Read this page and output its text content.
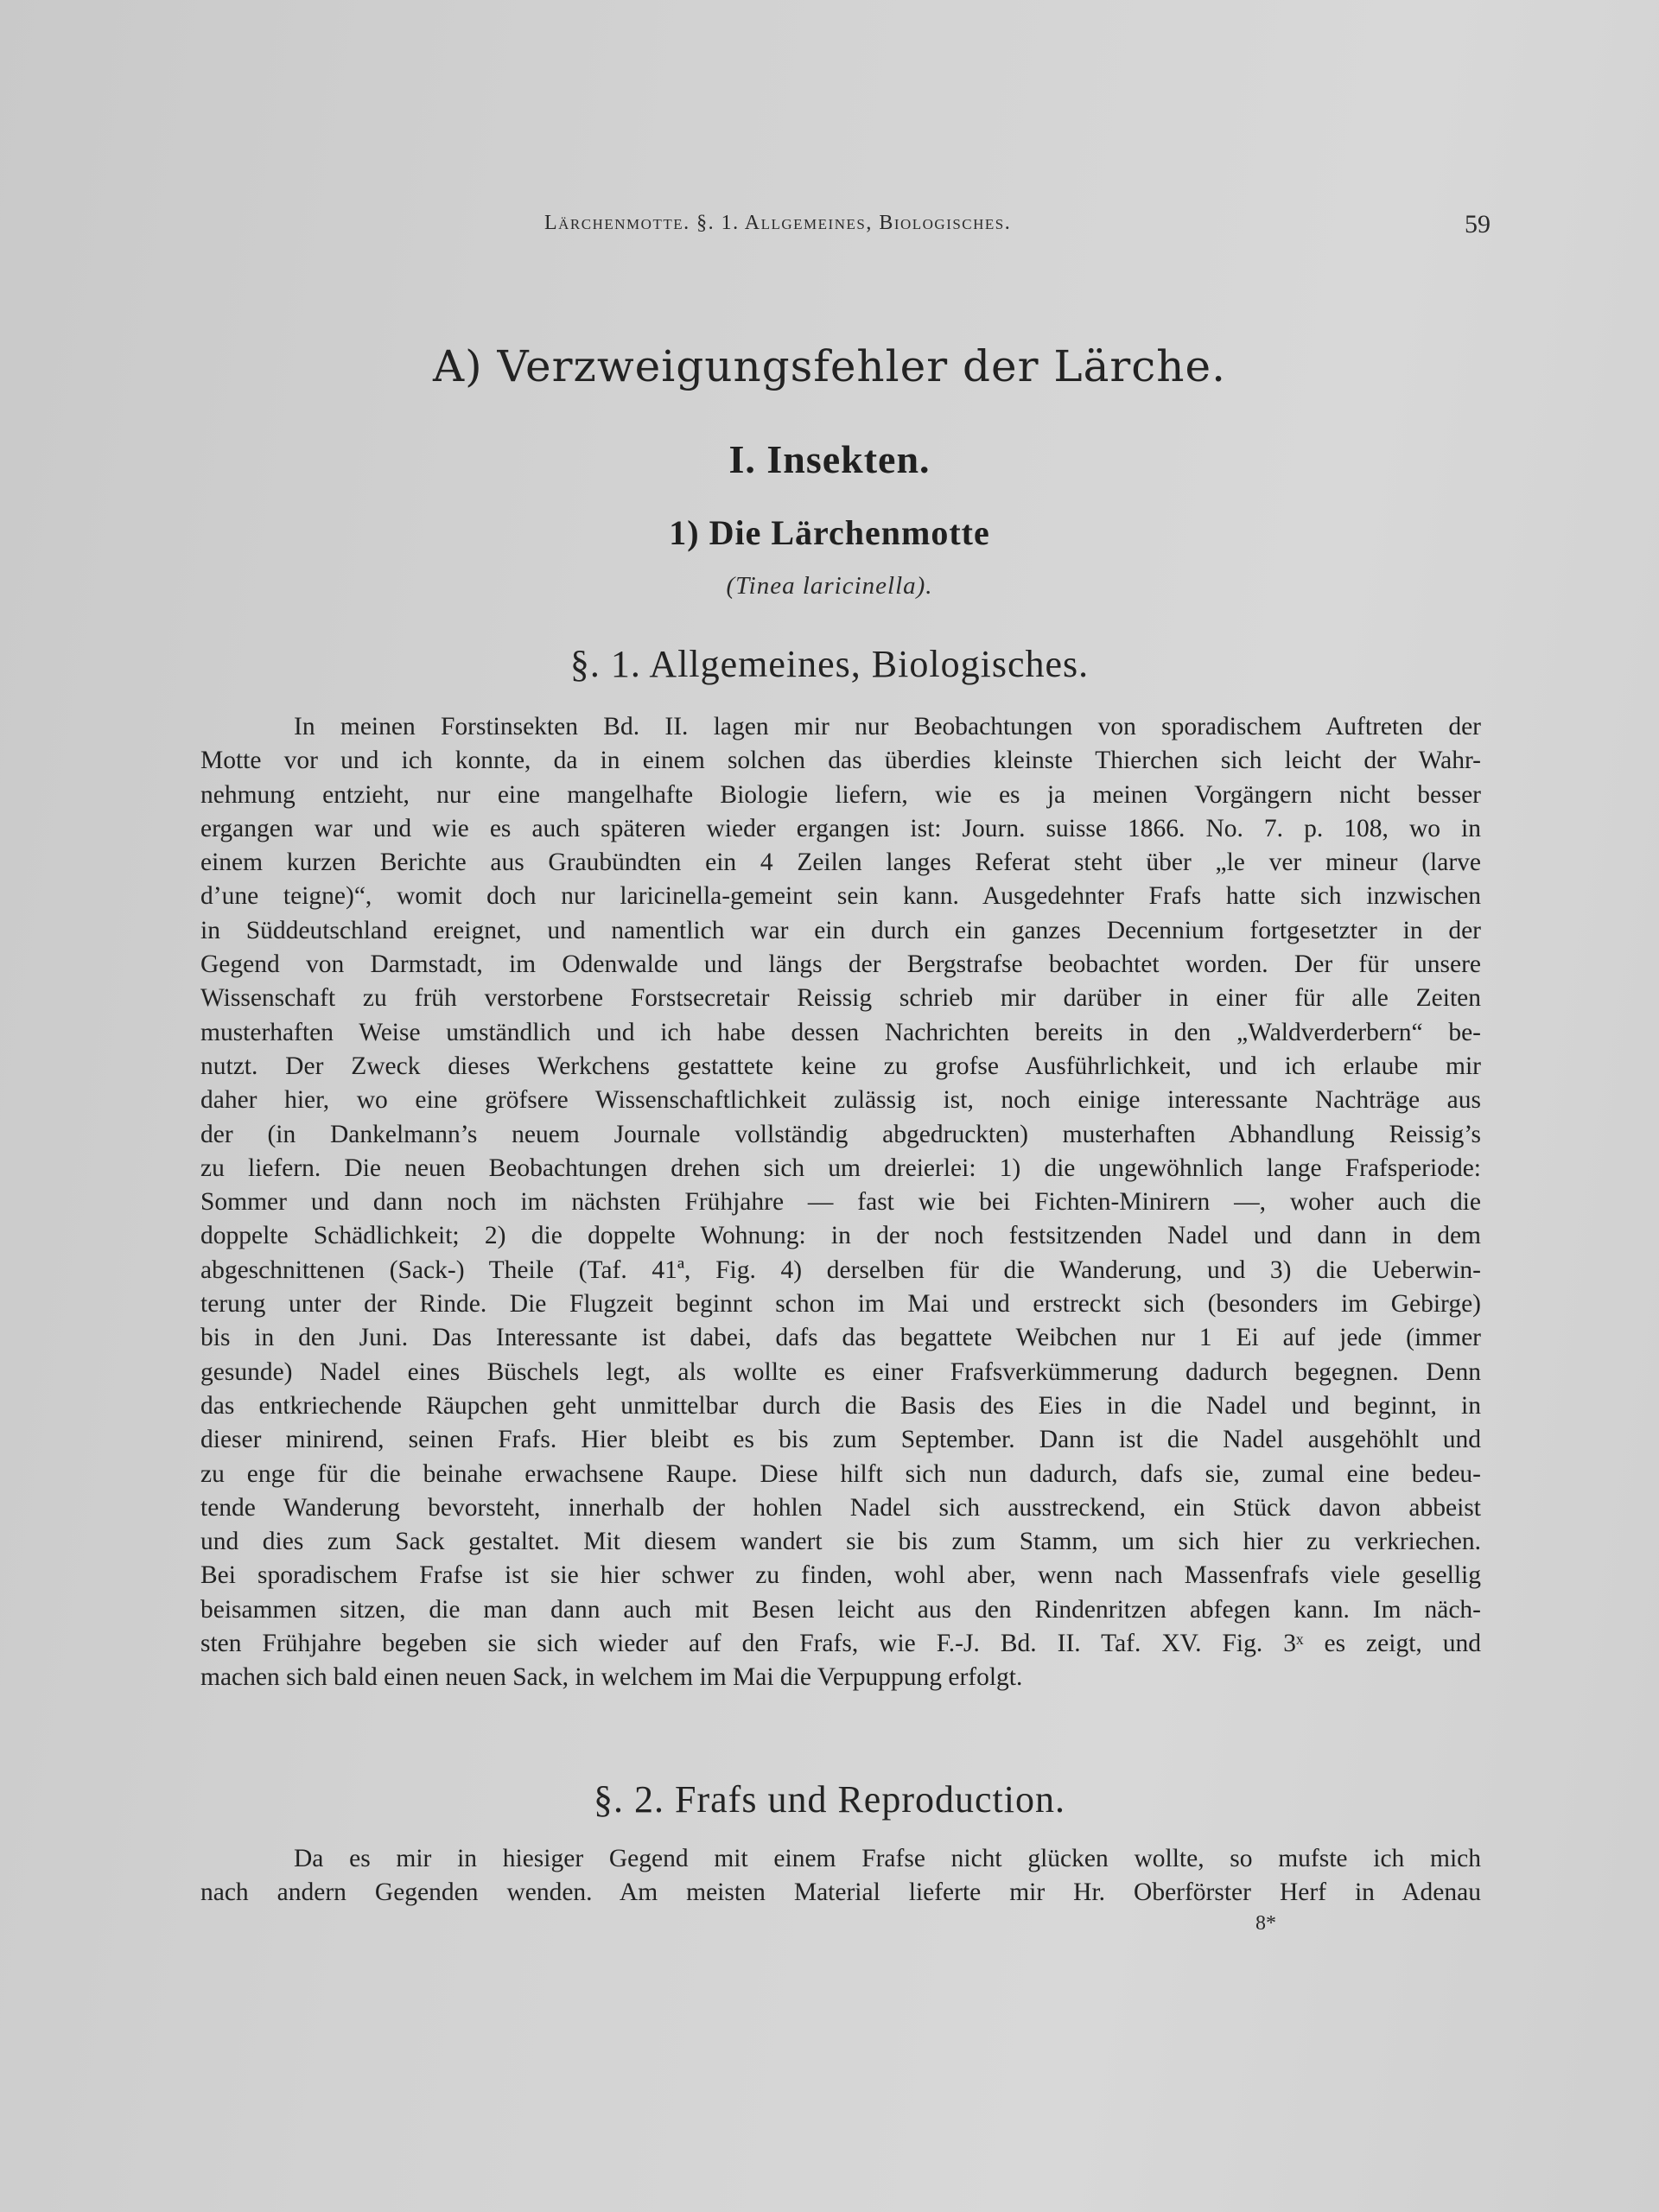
Lärchenmotte. §. 1. Allgemeines, Biologisches.	59
A) Verzweigungsfehler der Lärche.
I. Insekten.
1) Die Lärchenmotte
(Tinea laricinella).
§. 1. Allgemeines, Biologisches.
In meinen Forstinsekten Bd. II. lagen mir nur Beobachtungen von sporadischem Auftreten der
Motte vor und ich konnte, da in einem solchen das überdies kleinste Thierchen sich leicht der Wahr-
nehmung entzieht, nur eine mangelhafte Biologie liefern, wie es ja meinen Vorgängern nicht besser
ergangen war und wie es auch späteren wieder ergangen ist: Journ. suisse 1866. No. 7. p. 108, wo in
einem kurzen Berichte aus Graubündten ein 4 Zeilen langes Referat steht über „le ver mineur (larve
d’une teigne)“, womit doch nur laricinella-gemeint sein kann. Ausgedehnter Frafs hatte sich inzwischen
in Süddeutschland ereignet, und namentlich war ein durch ein ganzes Decennium fortgesetzter in der
Gegend von Darmstadt, im Odenwalde und längs der Bergstrafse beobachtet worden. Der für unsere
Wissenschaft zu früh verstorbene Forstsecretair Reissig schrieb mir darüber in einer für alle Zeiten
musterhaften Weise umständlich und ich habe dessen Nachrichten bereits in den „Waldverderbern“ be-
nutzt. Der Zweck dieses Werkchens gestattete keine zu grofse Ausführlichkeit, und ich erlaube mir
daher hier, wo eine gröfsere Wissenschaftlichkeit zulässig ist, noch einige interessante Nachträge aus
der (in Dankelmann’s neuem Journale vollständig abgedruckten) musterhaften Abhandlung Reissig’s
zu liefern. Die neuen Beobachtungen drehen sich um dreierlei: 1) die ungewöhnlich lange Frafsperiode:
Sommer und dann noch im nächsten Frühjahre — fast wie bei Fichten-Minirern —, woher auch die
doppelte Schädlichkeit; 2) die doppelte Wohnung: in der noch festsitzenden Nadel und dann in dem
abgeschnittenen (Sack-) Theile (Taf. 41ª, Fig. 4) derselben für die Wanderung, und 3) die Ueberwin-
terung unter der Rinde. Die Flugzeit beginnt schon im Mai und erstreckt sich (besonders im Gebirge)
bis in den Juni. Das Interessante ist dabei, dafs das begattete Weibchen nur 1 Ei auf jede (immer
gesunde) Nadel eines Büschels legt, als wollte es einer Frafsverkümmerung dadurch begegnen. Denn
das entkriechende Räupchen geht unmittelbar durch die Basis des Eies in die Nadel und beginnt, in
dieser minirend, seinen Frafs. Hier bleibt es bis zum September. Dann ist die Nadel ausgehöhlt und
zu enge für die beinahe erwachsene Raupe. Diese hilft sich nun dadurch, dafs sie, zumal eine bedeu-
tende Wanderung bevorsteht, innerhalb der hohlen Nadel sich ausstreckend, ein Stück davon abbeist
und dies zum Sack gestaltet. Mit diesem wandert sie bis zum Stamm, um sich hier zu verkriechen.
Bei sporadischem Frafse ist sie hier schwer zu finden, wohl aber, wenn nach Massenfrafs viele gesellig
beisammen sitzen, die man dann auch mit Besen leicht aus den Rindenritzen abfegen kann. Im näch-
sten Frühjahre begeben sie sich wieder auf den Frafs, wie F.-J. Bd. II. Taf. XV. Fig. 3ˣ es zeigt, und
machen sich bald einen neuen Sack, in welchem im Mai die Verpuppung erfolgt.
§. 2. Frafs und Reproduction.
Da es mir in hiesiger Gegend mit einem Frafse nicht glücken wollte, so mufste ich mich
nach andern Gegenden wenden. Am meisten Material lieferte mir Hr. Oberförster Herf in Adenau
8*
